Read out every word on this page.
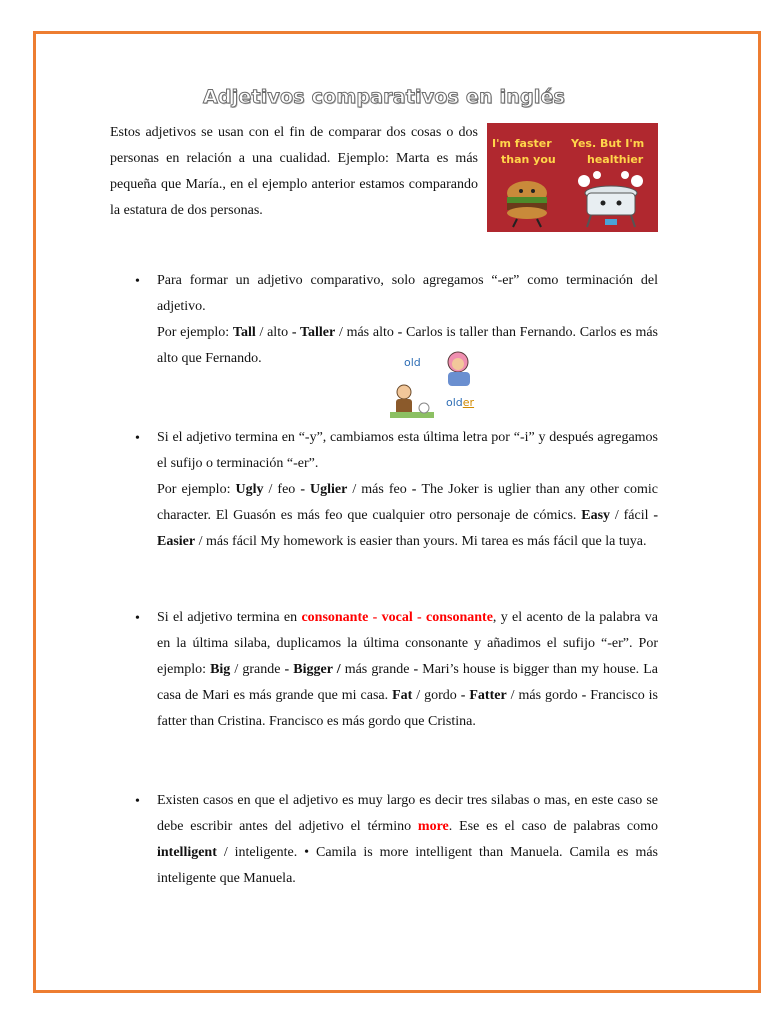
Adjetivos comparativos en inglés

Estos adjetivos se usan con el fin de comparar dos cosas o dos personas en relación a una cualidad. Ejemplo: Marta es más pequeña que María., en el ejemplo anterior estamos comparando la estatura de dos personas.

I'm faster
than you
Yes. But I'm
healthier
• Para formar un adjetivo comparativo, solo agregamos “-er” como terminación del adjetivo.
Por ejemplo: Tall / alto - Taller / más alto - Carlos is taller than Fernando. Carlos es más alto que Fernando.	old
older
• Si el adjetivo termina en “-y”, cambiamos esta última letra por “-i” y después agregamos el sufijo o terminación “-er”.
Por ejemplo: Ugly / feo - Uglier / más feo - The Joker is uglier than any other comic character. El Guasón es más feo que cualquier otro personaje de cómics. Easy / fácil - Easier / más fácil My homework is easier than yours. Mi tarea es más fácil que la tuya.

• Si el adjetivo termina en consonante - vocal - consonante, y el acento de la palabra va en la última silaba, duplicamos la última consonante y añadimos el sufijo “-er”. Por ejemplo: Big / grande - Bigger / más grande - Mari’s house is bigger than my house. La casa de Mari es más grande que mi casa. Fat / gordo - Fatter / más gordo - Francisco is fatter than Cristina. Francisco es más gordo que Cristina.

• Existen casos en que el adjetivo es muy largo es decir tres silabas o mas, en este caso se debe escribir antes del adjetivo el término more. Ese es el caso de palabras como intelligent / inteligente. • Camila is more intelligent than Manuela. Camila es más inteligente que Manuela.
